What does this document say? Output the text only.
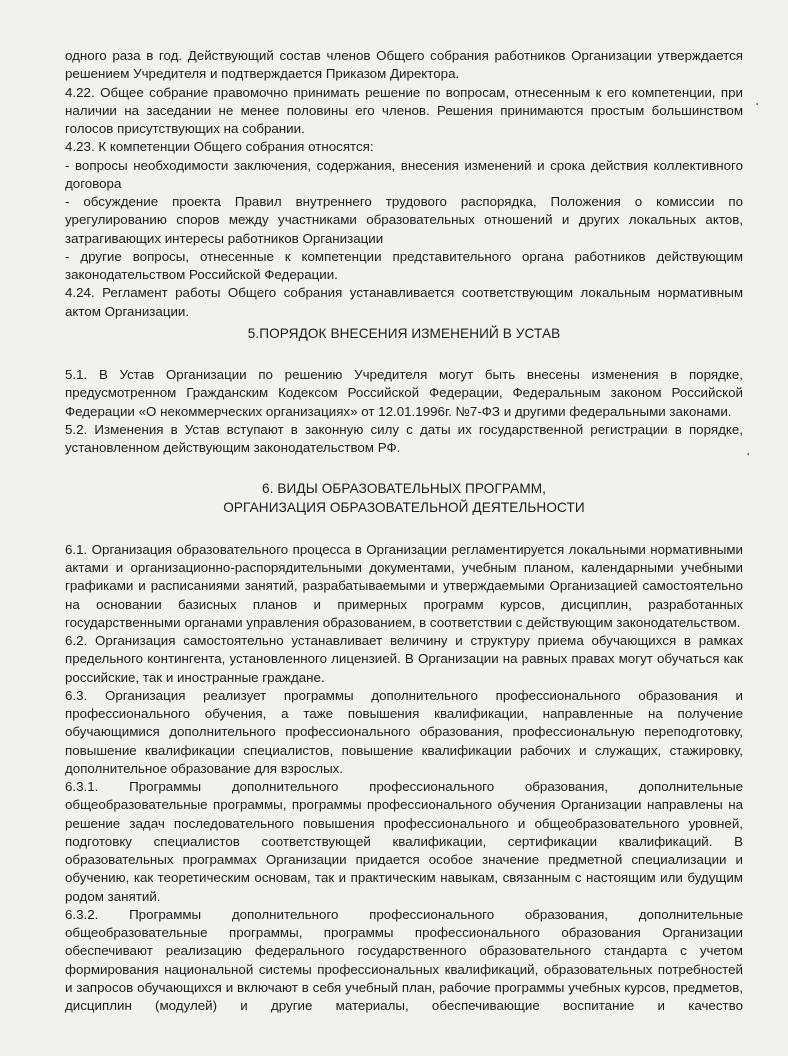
одного раза в год. Действующий состав членов Общего собрания работников Организации утверждается решением Учредителя и подтверждается Приказом Директора.

4.22. Общее собрание правомочно принимать решение по вопросам, отнесенным к его компетенции, при наличии на заседании не менее половины его членов. Решения принимаются простым большинством голосов присутствующих на собрании.

4.23. К компетенции Общего собрания относятся:

- вопросы необходимости заключения, содержания, внесения изменений и срока действия коллективного договора

- обсуждение проекта Правил внутреннего трудового распорядка, Положения о комиссии по урегулированию споров между участниками образовательных отношений и других локальных актов, затрагивающих интересы работников Организации

- другие вопросы, отнесенные к компетенции представительного органа работников действующим законодательством Российской Федерации.

4.24. Регламент работы Общего собрания устанавливается соответствующим локальным нормативным актом Организации.

5.ПОРЯДОК ВНЕСЕНИЯ ИЗМЕНЕНИЙ В УСТАВ

5.1. В Устав Организации по решению Учредителя могут быть внесены изменения в порядке, предусмотренном Гражданским Кодексом Российской Федерации, Федеральным законом Российской Федерации «О некоммерческих организациях» от 12.01.1996г. №7-ФЗ и другими федеральными законами.

5.2. Изменения в Устав вступают в законную силу с даты их государственной регистрации в порядке, установленном действующим законодательством РФ.

6. ВИДЫ ОБРАЗОВАТЕЛЬНЫХ ПРОГРАММ,

ОРГАНИЗАЦИЯ ОБРАЗОВАТЕЛЬНОЙ ДЕЯТЕЛЬНОСТИ

6.1. Организация образовательного процесса в Организации регламентируется локальными нормативными актами и организационно-распорядительными документами, учебным планом, календарными учебными графиками и расписаниями занятий, разрабатываемыми и утверждаемыми Организацией самостоятельно на основании базисных планов и примерных программ курсов, дисциплин, разработанных государственными органами управления образованием, в соответствии с действующим законодательством.

6.2. Организация самостоятельно устанавливает величину и структуру приема обучающихся в рамках предельного контингента, установленного лицензией. В Организации на равных правах могут обучаться как российские, так и иностранные граждане.

6.3. Организация реализует программы дополнительного профессионального образования и профессионального обучения, а таже повышения квалификации, направленные на получение обучающимися дополнительного профессионального образования, профессиональную переподготовку, повышение квалификации специалистов, повышение квалификации рабочих и служащих, стажировку, дополнительное образование для взрослых.

6.3.1. Программы дополнительного профессионального образования, дополнительные общеобразовательные программы, программы профессионального обучения Организации направлены на решение задач последовательного повышения профессионального и общеобразовательного уровней, подготовку специалистов соответствующей квалификации, сертификации квалификаций. В образовательных программах Организации придается особое значение предметной специализации и обучению, как теоретическим основам, так и практическим навыкам, связанным с настоящим или будущим родом занятий.

6.3.2. Программы дополнительного профессионального образования, дополнительные общеобразовательные программы, программы профессионального образования Организации обеспечивают реализацию федерального государственного образовательного стандарта с учетом формирования национальной системы профессиональных квалификаций, образовательных потребностей и запросов обучающихся и включают в себя учебный план, рабочие программы учебных курсов, предметов, дисциплин (модулей) и другие материалы, обеспечивающие воспитание и качество

·
·
